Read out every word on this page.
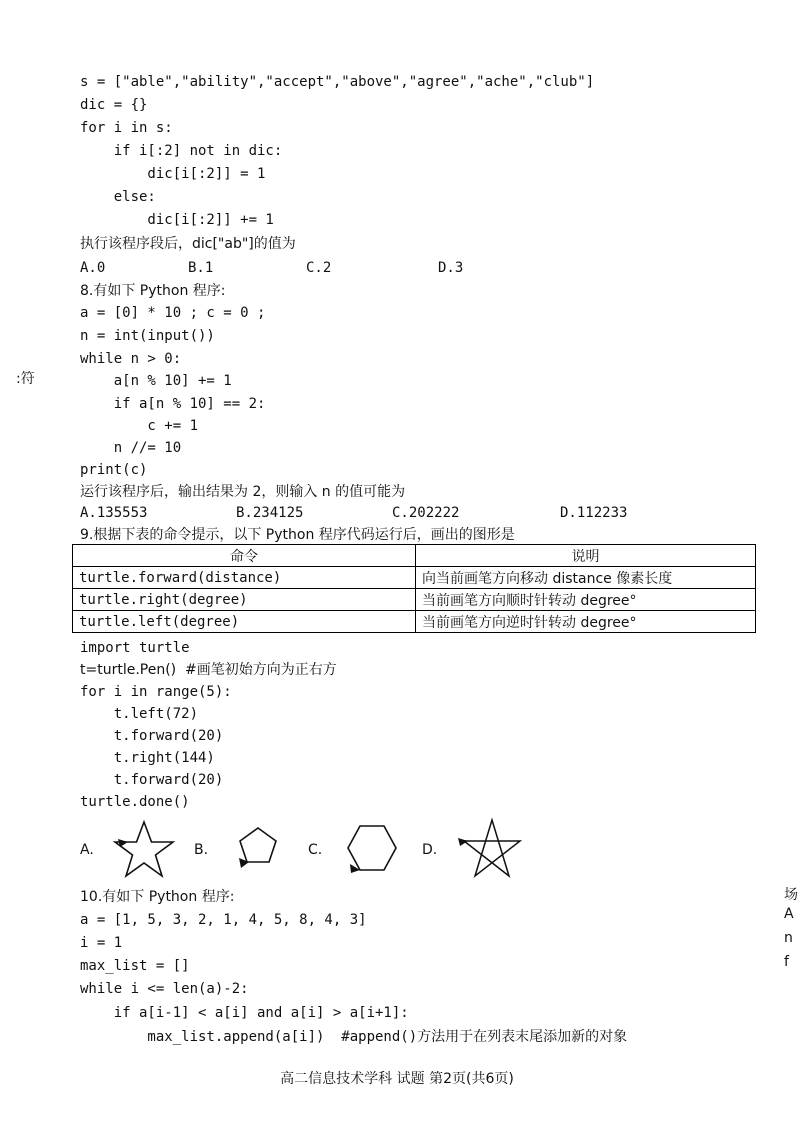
s = ["able","ability","accept","above","agree","ache","club"]
dic = {}
for i in s:
if i[:2] not in dic:
dic[i[:2]] = 1
else:
dic[i[:2]] += 1
执行该程序段后，dic["ab"]的值为
A.0	B.1	C.2	D.3
8.有如下 Python 程序:
a = [0] * 10 ; c = 0 ;
n = int(input())
while n > 0:
a[n % 10] += 1
if a[n % 10] == 2:
c += 1
n //= 10
print(c)
运行该程序后，输出结果为 2，则输入 n 的值可能为
A.135553	B.234125	C.202222	D.112233
9.根据下表的命令提示，以下 Python 程序代码运行后，画出的图形是
命令	说明
turtle.forward(distance)	向当前画笔方向移动 distance 像素长度
turtle.right(degree)	当前画笔方向顺时针转动 degree°
turtle.left(degree)	当前画笔方向逆时针转动 degree°
import turtle
t=turtle.Pen()  #画笔初始方向为正右方
for i in range(5):
t.left(72)
t.forward(20)
t.right(144)
t.forward(20)
turtle.done()
A.	B.	C.	D.
10.有如下 Python 程序:
a = [1, 5, 3, 2, 1, 4, 5, 8, 4, 3]
i = 1
max_list = []
while i <= len(a)-2:
if a[i-1] < a[i] and a[i] > a[i+1]:
max_list.append(a[i])  #append()方法用于在列表末尾添加新的对象
:符
场
A
n
f
高二信息技术学科 试题 第2页(共6页)
